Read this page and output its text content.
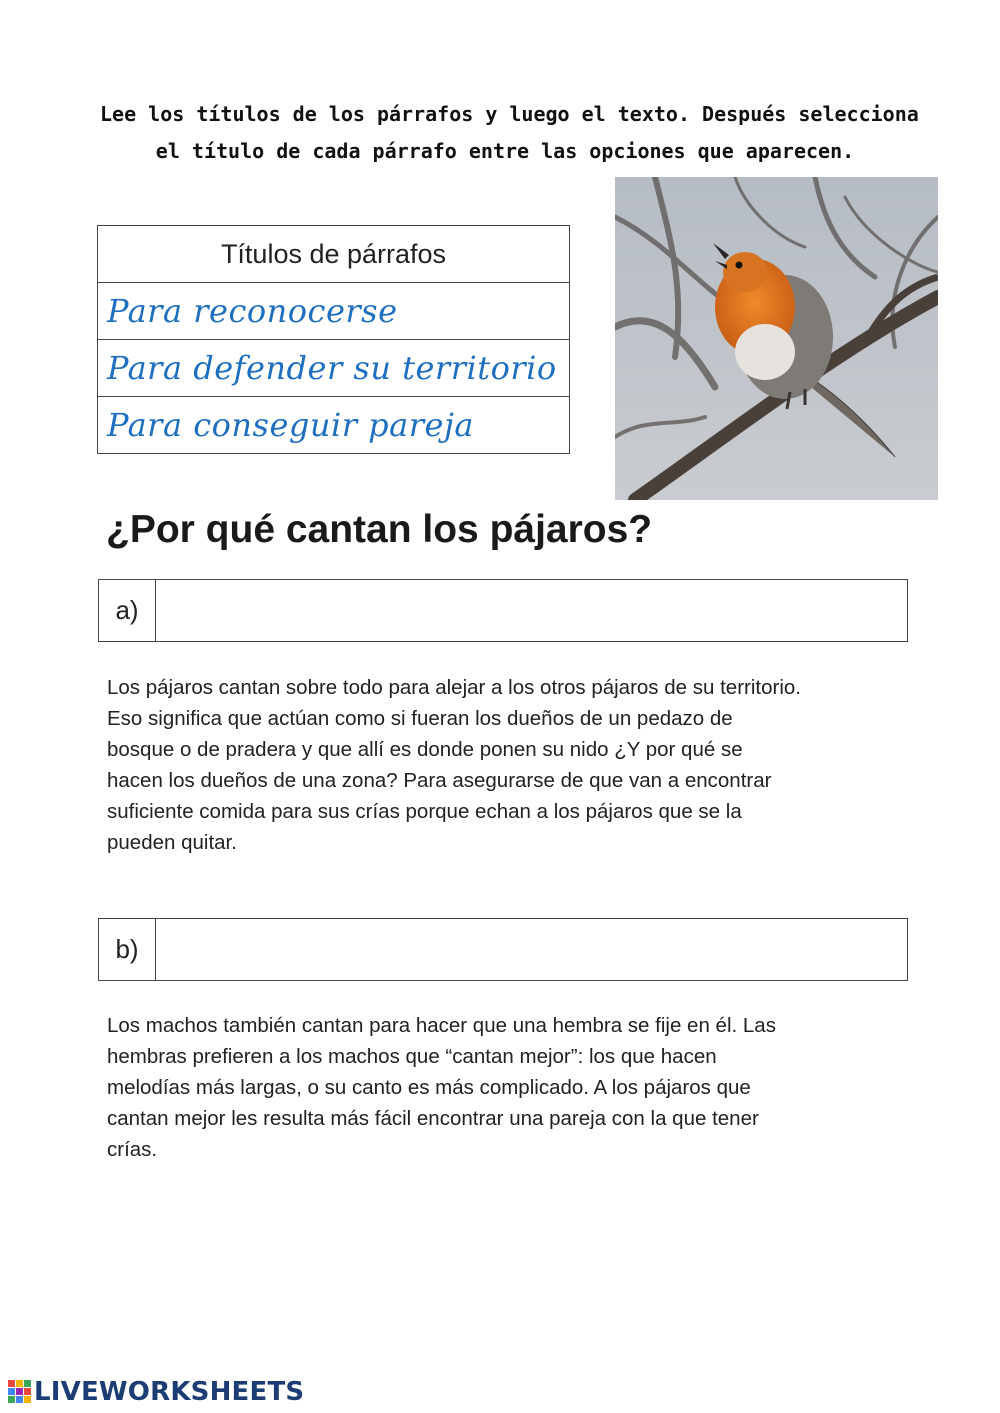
Lee los títulos de los párrafos y luego el texto. Después selecciona
el título de cada párrafo entre las opciones que aparecen.
Títulos de párrafos
Para reconocerse
Para defender su territorio
Para conseguir pareja
¿Por qué cantan los pájaros?
a)
Los pájaros cantan sobre todo para alejar a los otros pájaros de su territorio.
Eso significa que actúan como si fueran los dueños de un pedazo de
bosque o de pradera y que allí es donde ponen su nido ¿Y por qué se
hacen los dueños de una zona? Para asegurarse de que van a encontrar
suficiente comida para sus crías porque echan a los pájaros que se la
pueden quitar.
b)
Los machos también cantan para hacer que una hembra se fije en él. Las
hembras prefieren a los machos que “cantan mejor”: los que hacen
melodías más largas, o su canto es más complicado. A los pájaros que
cantan mejor les resulta más fácil encontrar una pareja con la que tener
crías.
LIVEWORKSHEETS
